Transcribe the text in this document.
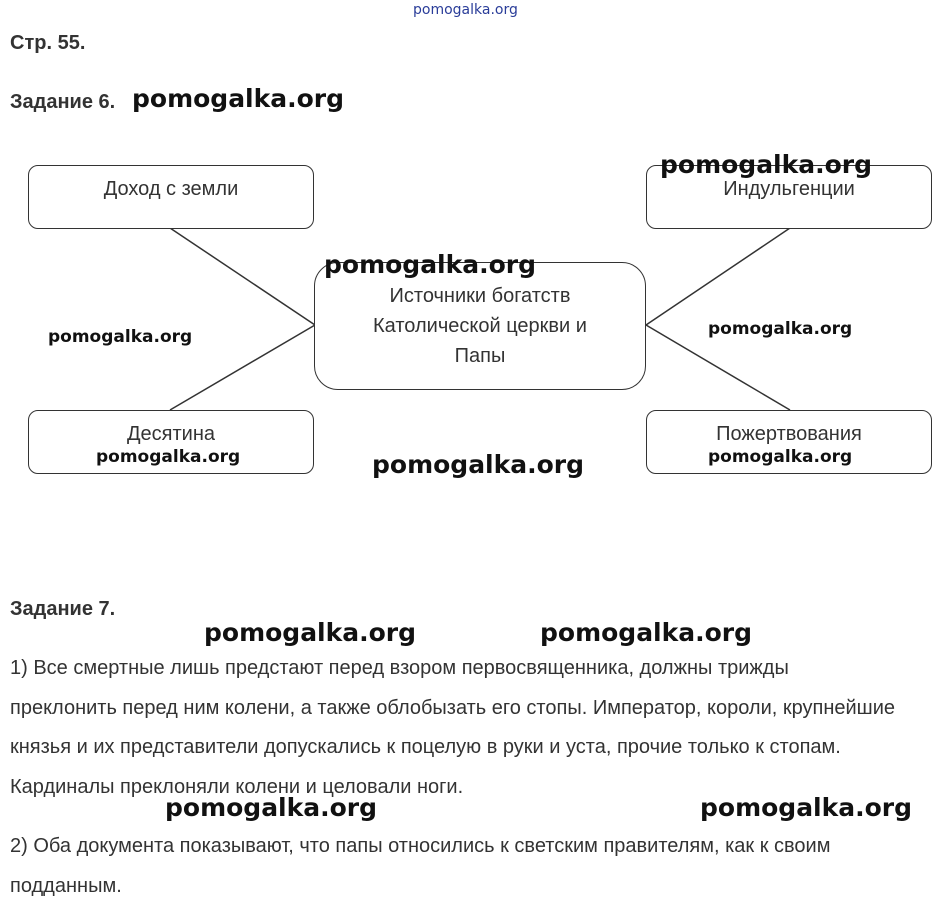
pomogalka.org
Стр. 55.
Задание 6. pomogalka.org
Доход с земли	Индульгенции
Источники богатств
Католической церкви и
Папы
Десятина	Пожертвования
pomogalka.org
pomogalka.org
pomogalka.org	pomogalka.org
pomogalka.org	pomogalka.org	pomogalka.org
Задание 7.
pomogalka.org	pomogalka.org

1) Все смертные лишь предстают перед взором первосвященника, должны трижды преклонить перед ним колени, а также облобызать его стопы. Император, короли, крупнейшие князья и их представители допускались к поцелую в руки и уста, прочие только к стопам. Кардиналы преклоняли колени и целовали ноги.

pomogalka.org	pomogalka.org

2) Оба документа показывают, что папы относились к светским правителям, как к своим подданным.
